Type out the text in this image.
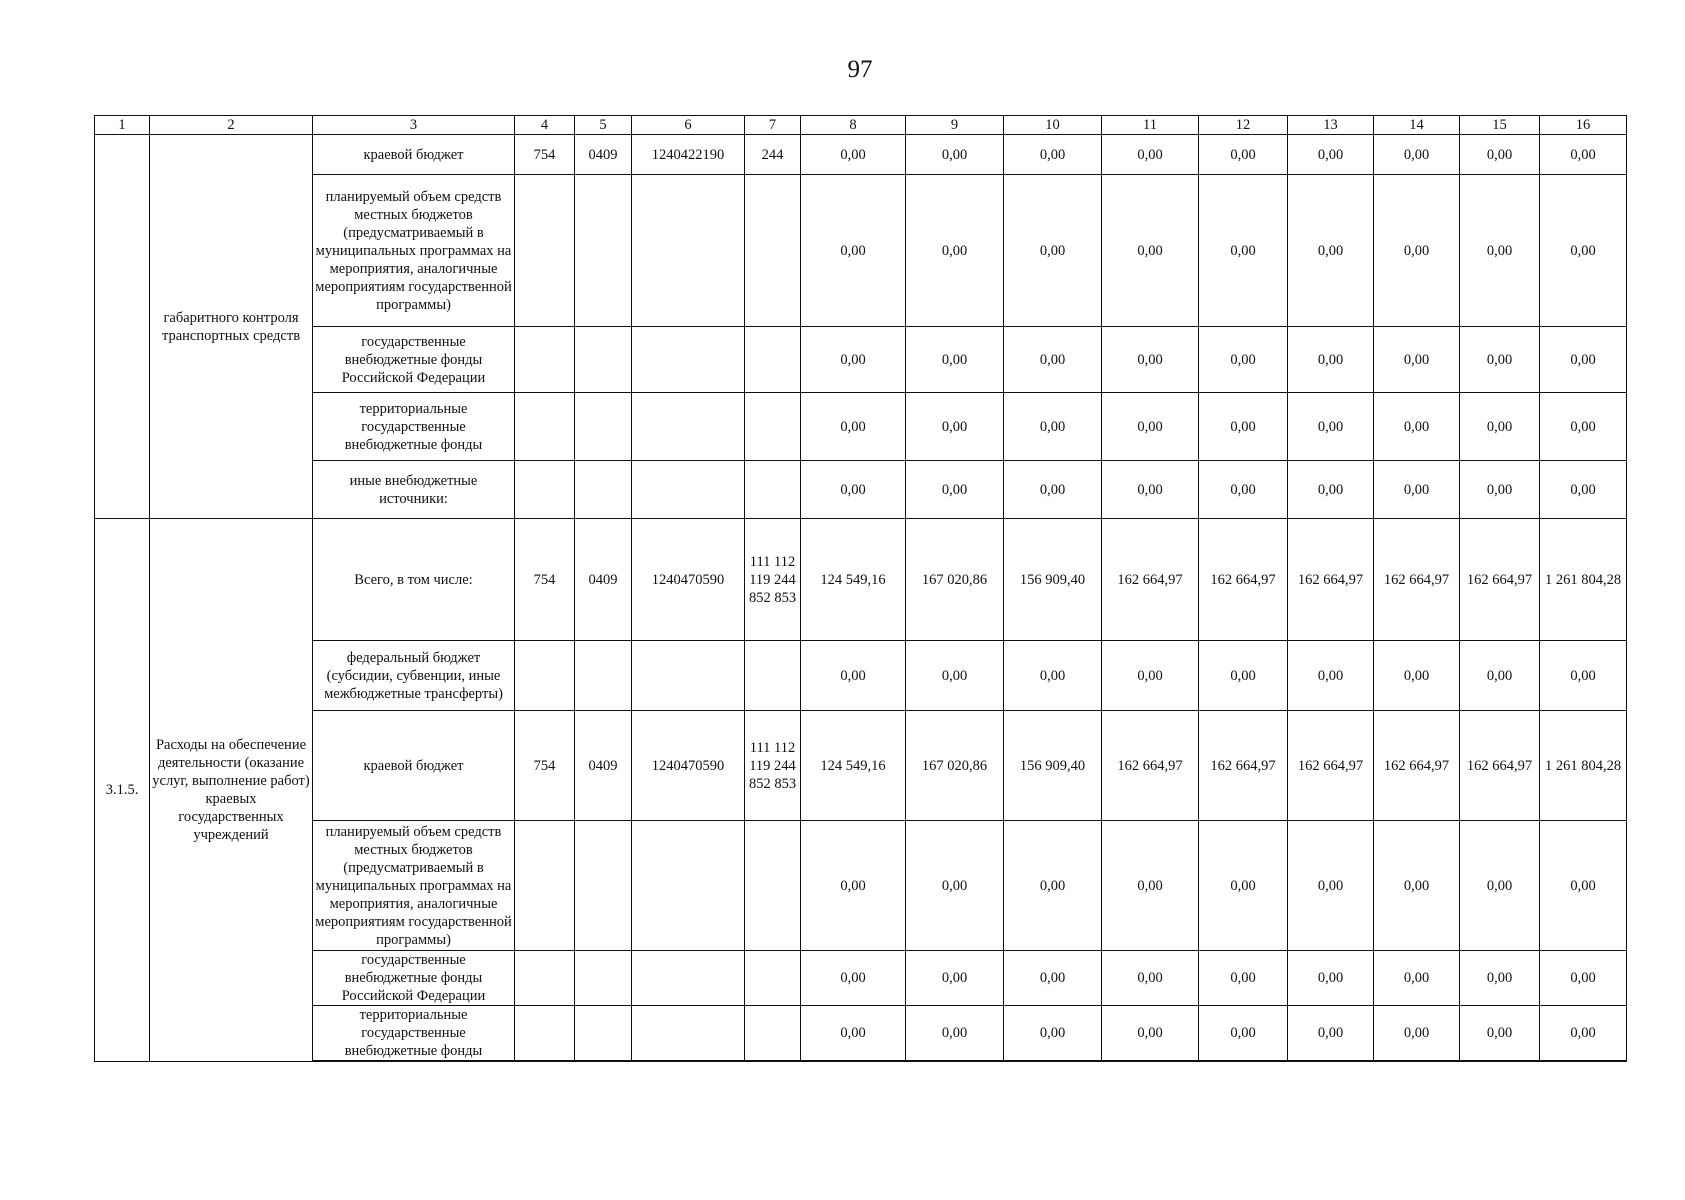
97
1	2	3	4	5	6	7	8	9	10	11	12	13	14	15	16
	габаритного контроля транспортных средств	краевой бюджет	754	0409	1240422190	244	0,00	0,00	0,00	0,00	0,00	0,00	0,00	0,00	0,00
		планируемый объем средств местных бюджетов (предусматриваемый в муниципальных программах на мероприятия, аналогичные мероприятиям государственной программы)					0,00	0,00	0,00	0,00	0,00	0,00	0,00	0,00	0,00
		государственные внебюджетные фонды Российской Федерации					0,00	0,00	0,00	0,00	0,00	0,00	0,00	0,00	0,00
		территориальные государственные внебюджетные фонды					0,00	0,00	0,00	0,00	0,00	0,00	0,00	0,00	0,00
		иные внебюджетные источники:					0,00	0,00	0,00	0,00	0,00	0,00	0,00	0,00	0,00
3.1.5.	Расходы на обеспечение деятельности (оказание услуг, выполнение работ) краевых государственных учреждений	Всего, в том числе:	754	0409	1240470590	111 112 119 244 852 853	124 549,16	167 020,86	156 909,40	162 664,97	162 664,97	162 664,97	162 664,97	162 664,97	1 261 804,28
		федеральный бюджет (субсидии, субвенции, иные межбюджетные трансферты)					0,00	0,00	0,00	0,00	0,00	0,00	0,00	0,00	0,00
		краевой бюджет	754	0409	1240470590	111 112 119 244 852 853	124 549,16	167 020,86	156 909,40	162 664,97	162 664,97	162 664,97	162 664,97	162 664,97	1 261 804,28
		планируемый объем средств местных бюджетов (предусматриваемый в муниципальных программах на мероприятия, аналогичные мероприятиям государственной программы)					0,00	0,00	0,00	0,00	0,00	0,00	0,00	0,00	0,00
		государственные внебюджетные фонды Российской Федерации					0,00	0,00	0,00	0,00	0,00	0,00	0,00	0,00	0,00
		территориальные государственные внебюджетные фонды					0,00	0,00	0,00	0,00	0,00	0,00	0,00	0,00	0,00
